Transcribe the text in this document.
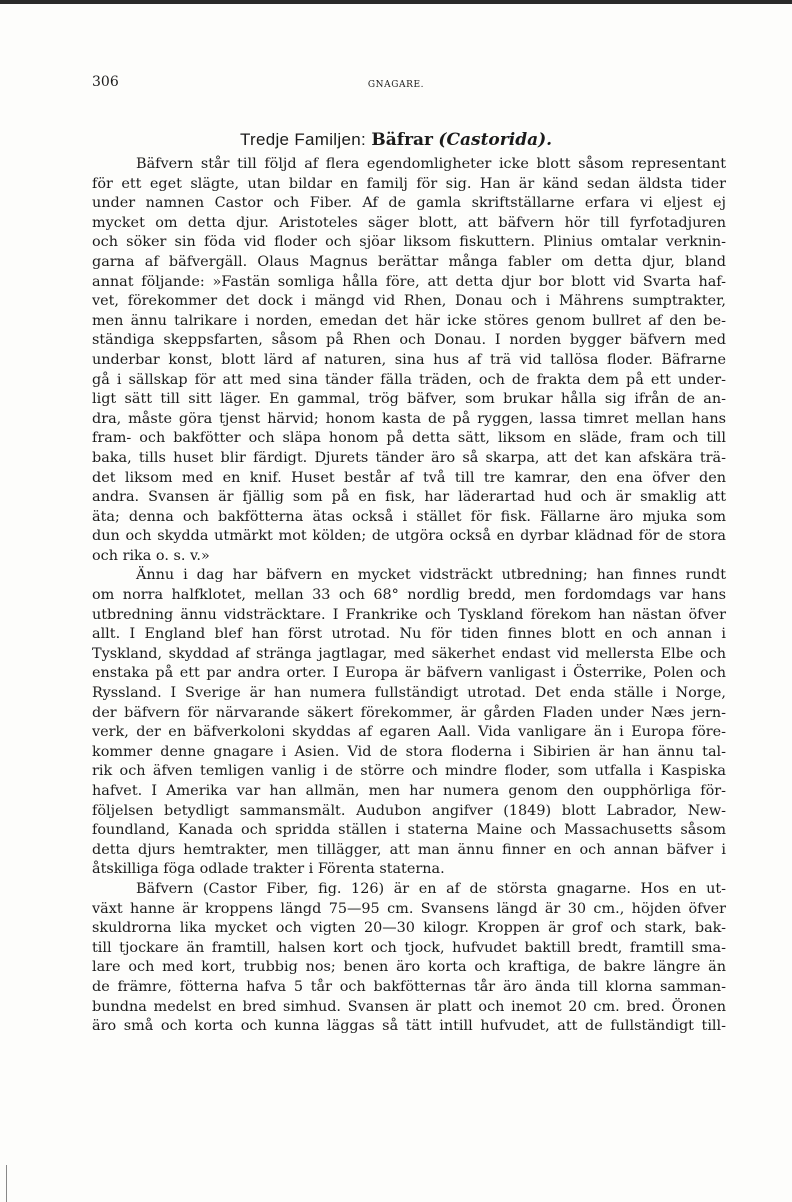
306	GNAGARE.
Tredje Familjen: Bäfrar (Castorida).
Bäfvern står till följd af flera egendomligheter icke blott såsom representant
för ett eget slägte, utan bildar en familj för sig. Han är känd sedan äldsta tider
under namnen Castor och Fiber. Af de gamla skriftställarne erfara vi eljest ej
mycket om detta djur. Aristoteles säger blott, att bäfvern hör till fyrfotadjuren
och söker sin föda vid floder och sjöar liksom fiskuttern. Plinius omtalar verknin-
garna af bäfvergäll. Olaus Magnus berättar många fabler om detta djur, bland
annat följande: »Fastän somliga hålla före, att detta djur bor blott vid Svarta haf-
vet, förekommer det dock i mängd vid Rhen, Donau och i Mährens sumptrakter,
men ännu talrikare i norden, emedan det här icke störes genom bullret af den be-
ständiga skeppsfarten, såsom på Rhen och Donau. I norden bygger bäfvern med
underbar konst, blott lärd af naturen, sina hus af trä vid tallösa floder. Bäfrarne
gå i sällskap för att med sina tänder fälla träden, och de frakta dem på ett under-
ligt sätt till sitt läger. En gammal, trög bäfver, som brukar hålla sig ifrån de an-
dra, måste göra tjenst härvid; honom kasta de på ryggen, lassa timret mellan hans
fram- och bakfötter och släpa honom på detta sätt, liksom en släde, fram och till
baka, tills huset blir färdigt. Djurets tänder äro så skarpa, att det kan afskära trä-
det liksom med en knif. Huset består af två till tre kamrar, den ena öfver den
andra. Svansen är fjällig som på en fisk, har läderartad hud och är smaklig att
äta; denna och bakfötterna ätas också i stället för fisk. Fällarne äro mjuka som
dun och skydda utmärkt mot kölden; de utgöra också en dyrbar klädnad för de stora
och rika o. s. v.»
Ännu i dag har bäfvern en mycket vidsträckt utbredning; han finnes rundt
om norra halfklotet, mellan 33 och 68° nordlig bredd, men fordomdags var hans
utbredning ännu vidsträcktare. I Frankrike och Tyskland förekom han nästan öfver
allt. I England blef han först utrotad. Nu för tiden finnes blott en och annan i
Tyskland, skyddad af stränga jagtlagar, med säkerhet endast vid mellersta Elbe och
enstaka på ett par andra orter. I Europa är bäfvern vanligast i Österrike, Polen och
Ryssland. I Sverige är han numera fullständigt utrotad. Det enda ställe i Norge,
der bäfvern för närvarande säkert förekommer, är gården Fladen under Næs jern-
verk, der en bäfverkoloni skyddas af egaren Aall. Vida vanligare än i Europa före-
kommer denne gnagare i Asien. Vid de stora floderna i Sibirien är han ännu tal-
rik och äfven temligen vanlig i de större och mindre floder, som utfalla i Kaspiska
hafvet. I Amerika var han allmän, men har numera genom den oupphörliga för-
följelsen betydligt sammansmält. Audubon angifver (1849) blott Labrador, New-
foundland, Kanada och spridda ställen i staterna Maine och Massachusetts såsom
detta djurs hemtrakter, men tillägger, att man ännu finner en och annan bäfver i
åtskilliga föga odlade trakter i Förenta staterna.
Bäfvern (Castor Fiber, fig. 126) är en af de största gnagarne. Hos en ut-
växt hanne är kroppens längd 75—95 cm. Svansens längd är 30 cm., höjden öfver
skuldrorna lika mycket och vigten 20—30 kilogr. Kroppen är grof och stark, bak-
till tjockare än framtill, halsen kort och tjock, hufvudet baktill bredt, framtill sma-
lare och med kort, trubbig nos; benen äro korta och kraftiga, de bakre längre än
de främre, fötterna hafva 5 tår och bakfötternas tår äro ända till klorna samman-
bundna medelst en bred simhud. Svansen är platt och inemot 20 cm. bred. Öronen
äro små och korta och kunna läggas så tätt intill hufvudet, att de fullständigt till-
